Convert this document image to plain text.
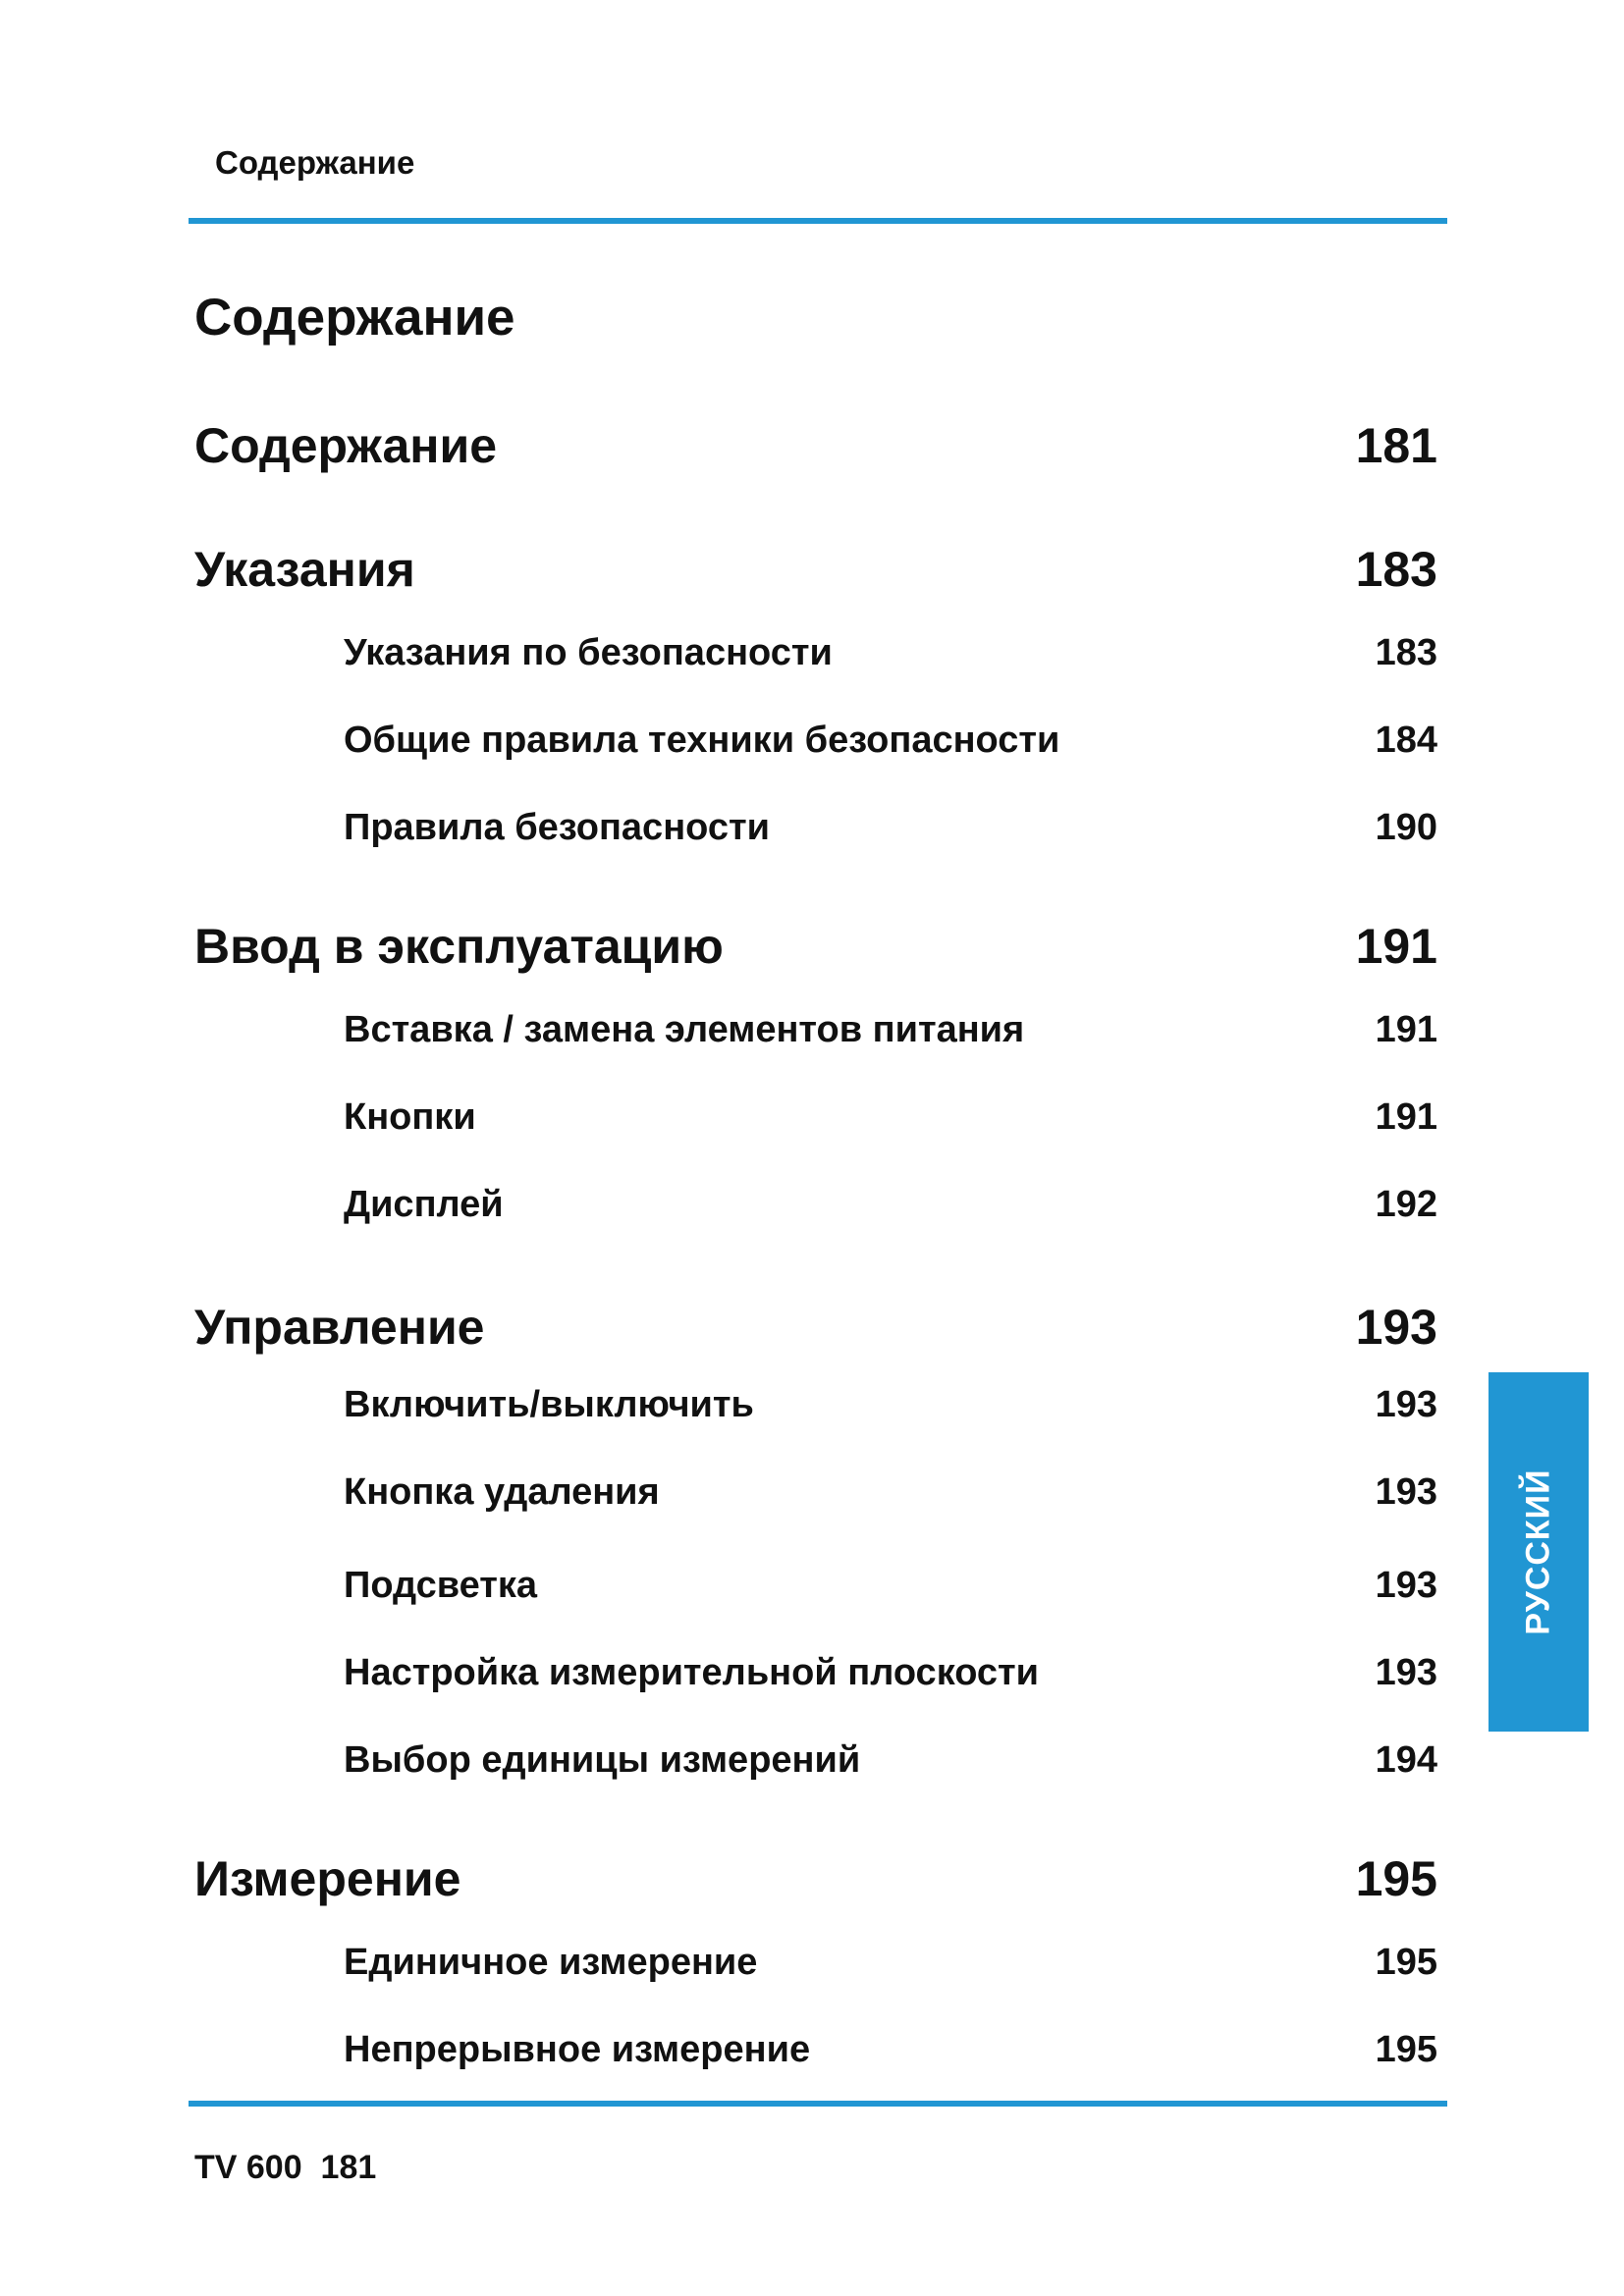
Содержание
Содержание
Содержание	181
Указания	183
Указания по безопасности	183
Общие правила техники безопасности	184
Правила безопасности	190
Ввод в эксплуатацию	191
Вставка / замена элементов питания	191
Кнопки	191
Дисплей	192
Управление	193
Включить/выключить	193
Кнопка удаления	193
Подсветка	193
Настройка измерительной плоскости	193
Выбор единицы измерений	194
Измерение	195
Единичное измерение	195
Непрерывное измерение	195
РУССКИЙ
TV 600 181
